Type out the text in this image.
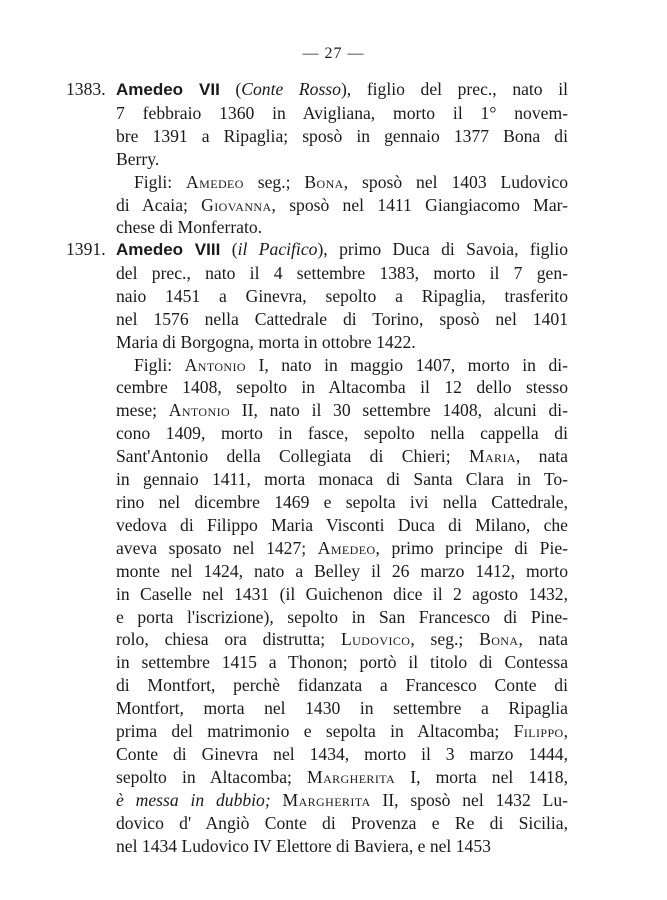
— 27 —
1383. Amedeo VII (Conte Rosso), figlio del prec., nato il
7 febbraio 1360 in Avigliana, morto il 1° novem-
bre 1391 a Ripaglia; sposò in gennaio 1377 Bona di
Berry.

Figli: Amedeo seg.; Bona, sposò nel 1403 Ludovico
di Acaia; Giovanna, sposò nel 1411 Giangiacomo Mar-
chese di Monferrato.

1391. Amedeo VIII (il Pacifico), primo Duca di Savoia, figlio
del prec., nato il 4 settembre 1383, morto il 7 gen-
naio 1451 a Ginevra, sepolto a Ripaglia, trasferito
nel 1576 nella Cattedrale di Torino, sposò nel 1401
Maria di Borgogna, morta in ottobre 1422.

Figli: Antonio I, nato in maggio 1407, morto in di-
cembre 1408, sepolto in Altacomba il 12 dello stesso
mese; Antonio II, nato il 30 settembre 1408, alcuni di-
cono 1409, morto in fasce, sepolto nella cappella di
Sant'Antonio della Collegiata di Chieri; Maria, nata
in gennaio 1411, morta monaca di Santa Clara in To-
rino nel dicembre 1469 e sepolta ivi nella Cattedrale,
vedova di Filippo Maria Visconti Duca di Milano, che
aveva sposato nel 1427; Amedeo, primo principe di Pie-
monte nel 1424, nato a Belley il 26 marzo 1412, morto
in Caselle nel 1431 (il Guichenon dice il 2 agosto 1432,
e porta l'iscrizione), sepolto in San Francesco di Pine-
rolo, chiesa ora distrutta; Ludovico, seg.; Bona, nata
in settembre 1415 a Thonon; portò il titolo di Contessa
di Montfort, perchè fidanzata a Francesco Conte di
Montfort, morta nel 1430 in settembre a Ripaglia
prima del matrimonio e sepolta in Altacomba; Filippo,
Conte di Ginevra nel 1434, morto il 3 marzo 1444,
sepolto in Altacomba; Margherita I, morta nel 1418,
è messa in dubbio; Margherita II, sposò nel 1432 Lu-
dovico d' Angiò Conte di Provenza e Re di Sicilia,
nel 1434 Ludovico IV Elettore di Baviera, e nel 1453
